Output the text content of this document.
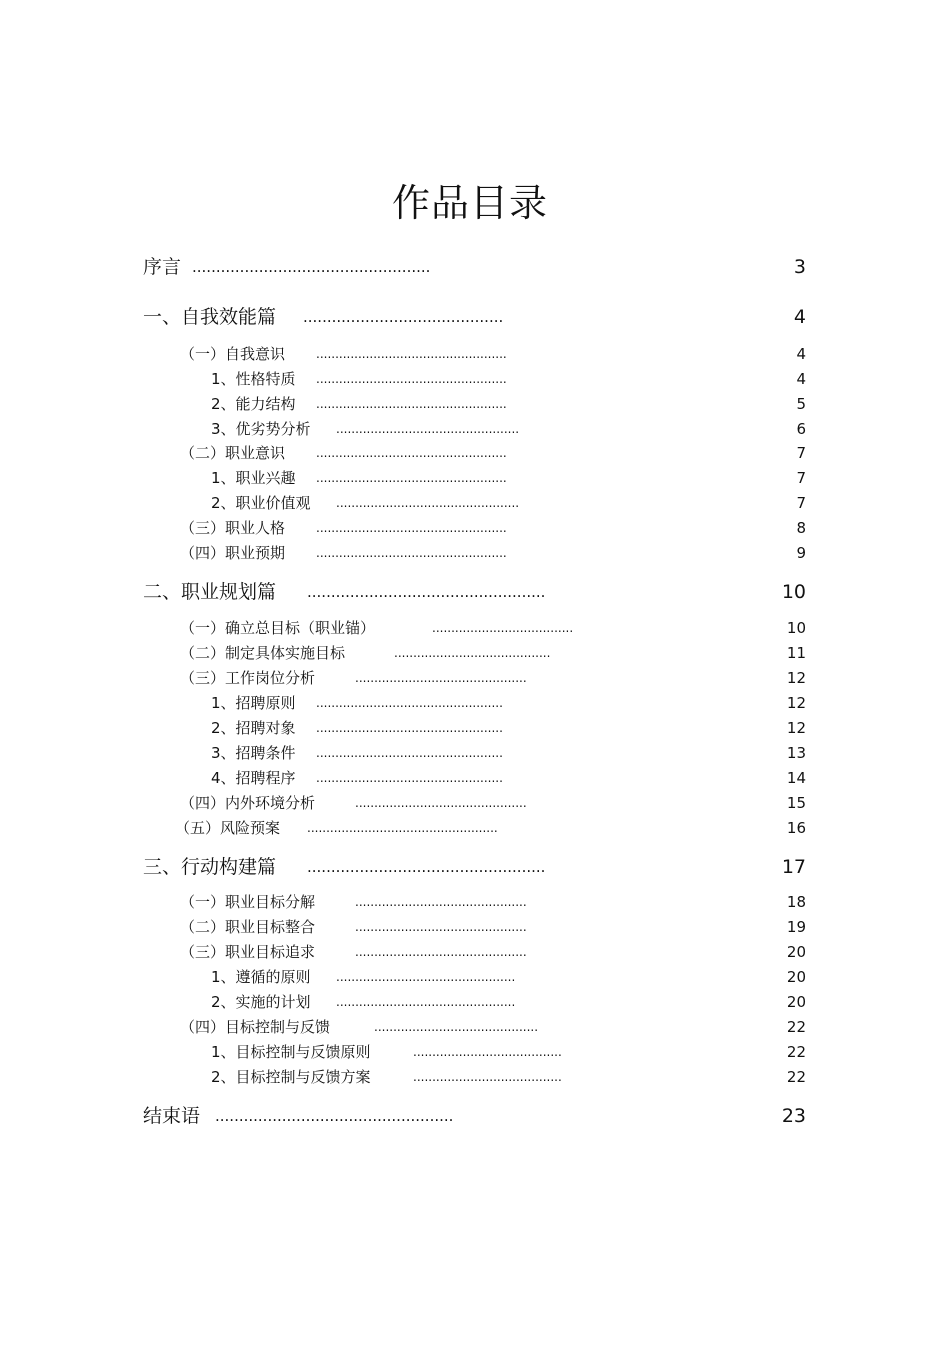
作品目录
序言 ..................................................	3
一、自我效能篇 ..........................................	4
（一）自我意识	..................................................	4
1、性格特质 ..................................................	4
2、能力结构 ..................................................	5
3、优劣势分析 ................................................	6
（二）职业意识	..................................................	7
1、职业兴趣 ..................................................	7
2、职业价值观 ................................................	7
（三）职业人格	..................................................	8
（四）职业预期	..................................................	9
二、职业规划篇 ..................................................	10
（一）确立总目标（职业锚）	.....................................	10
（二）制定具体实施目标	.........................................	11
（三）工作岗位分析	.............................................	12
1、招聘原则 .................................................	12
2、招聘对象 .................................................	12
3、招聘条件 .................................................	13
4、招聘程序 .................................................	14
（四）内外环境分析	.............................................	15
（五）风险预案 ..................................................	16
三、行动构建篇 ..................................................	17
（一）职业目标分解	.............................................	18
（二）职业目标整合	.............................................	19
（三）职业目标追求	.............................................	20
1、遵循的原则 ...............................................	20
2、实施的计划 ...............................................	20
（四）目标控制与反馈	...........................................	22
1、目标控制与反馈原则	.......................................	22
2、目标控制与反馈方案	.......................................	22
结束语 ..................................................	23
